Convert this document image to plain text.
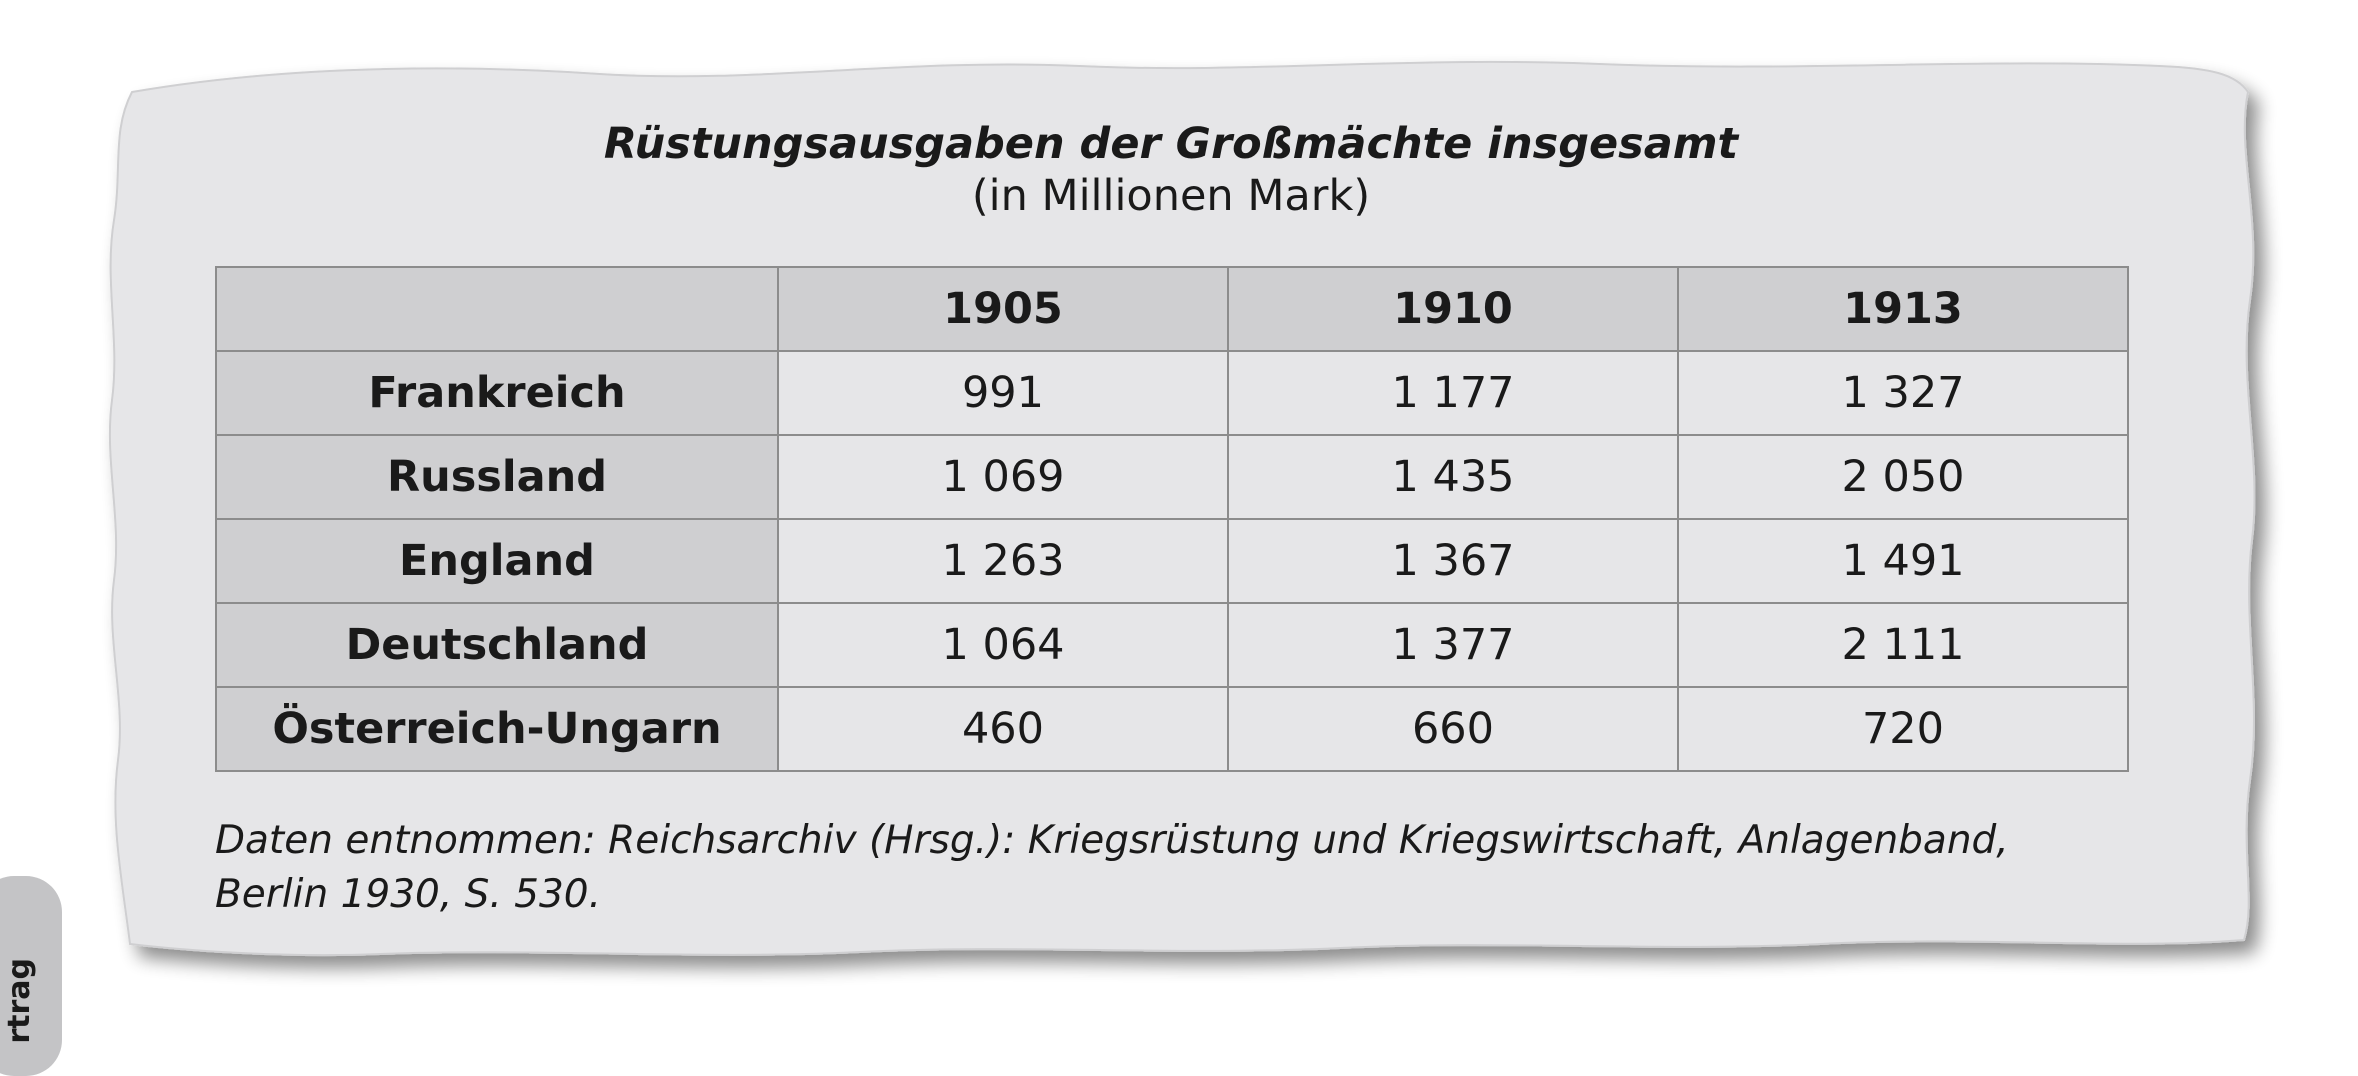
Rüstungsausgaben der Großmächte insgesamt

(in Millionen Mark)

	1905	1910	1913
Frankreich	991	1 177	1 327
Russland	1 069	1 435	2 050
England	1 263	1 367	1 491
Deutschland	1 064	1 377	2 111
Österreich-Ungarn	460	660	720
Daten entnommen: Reichsarchiv (Hrsg.): Kriegsrüstung und Kriegswirtschaft, Anlagenband, Berlin 1930, S. 530.
rtrag
